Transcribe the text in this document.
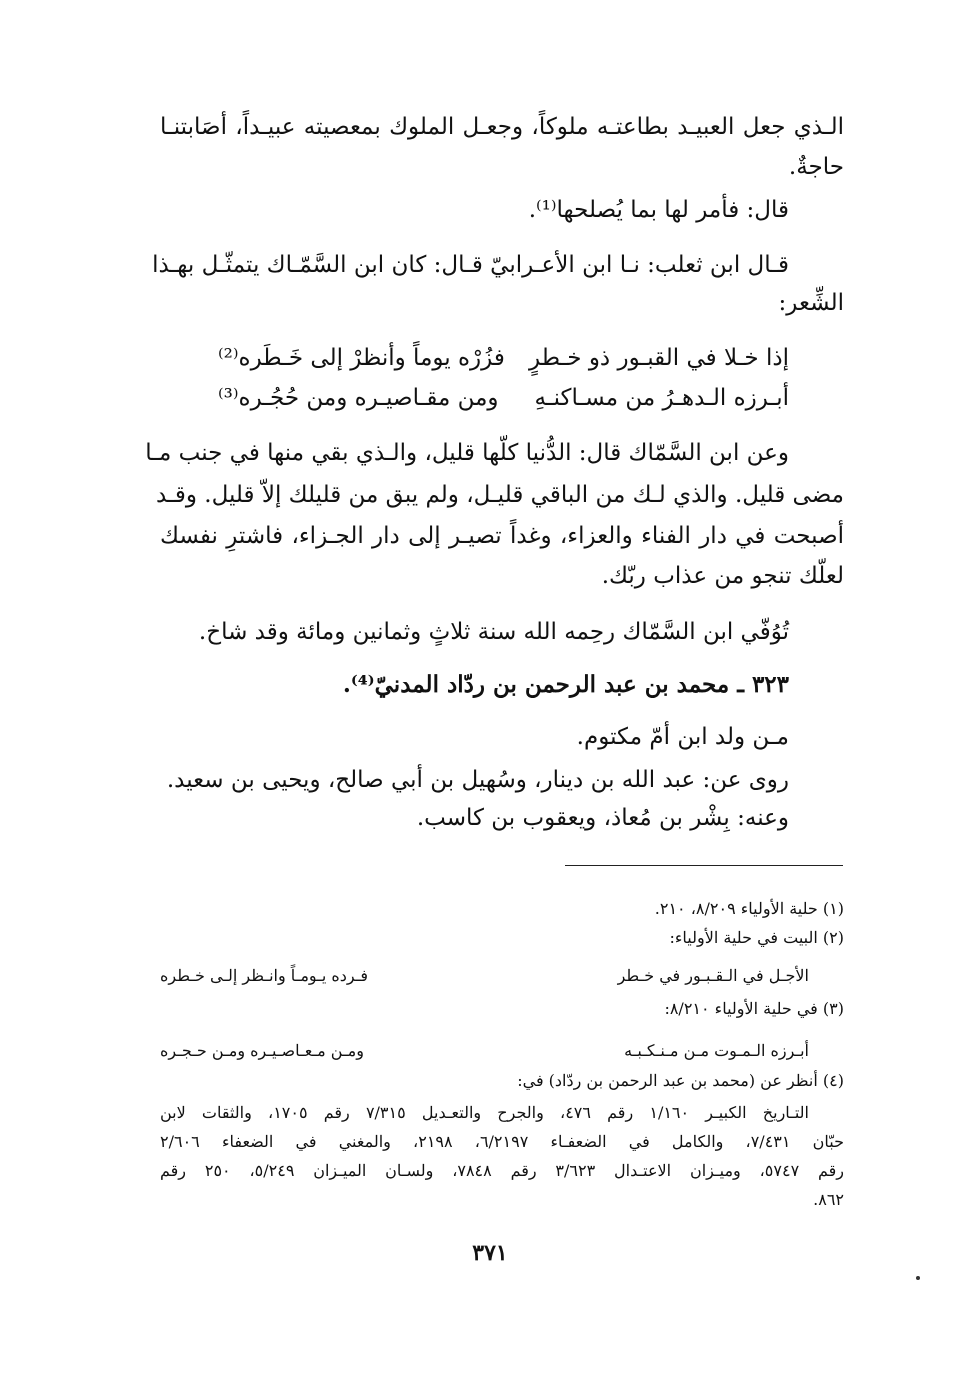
الـذي جعل العبيـد بطاعتـه ملوكاً، وجعـل الملوك بمعصيته عبيـداً، أصَابتنـا
حاجةٌ.
قال: فأمر لها بما يُصلحها⁽¹⁾.
قـال ابن ثعلب: نـا ابن الأعـرابيّ قـال: كان ابن السَّمّـاك يتمثّـل بهـذا
الشِّعر:
إذا خـلا في القبـور ذو خـطرٍ
فزُرْه يوماً وأنظرْ إلى خَـطَره⁽²⁾
أبـرزه الـدهـرُ من مسـاكنـهِ
ومن مقـاصيـره ومن حُجُـره⁽³⁾
وعن ابن السَّمّاك قال: الدُّنيا كلّها قليل، والـذي بقي منها في جنب مـا
مضى قليل. والذي لـك من الباقي قليـل، ولم يبق من قليلك إلاّ قليل. وقـد
أصبحت في دار الفناء والعزاء، وغداً تصيـر إلى دار الجـزاء، فاشترِ نفسك
لعلّك تنجو من عذاب ربّك.
تُوُفّي ابن السَّمّاك رحِمه الله سنة ثلاثٍ وثمانين ومائة وقد شاخ.
٣٢٣ ـ محمد بن عبد الرحمن بن ردّاد المدنيّ⁽⁴⁾.
مـن ولد ابن أمّ مكتوم.
روى عن: عبد الله بن دينار، وسُهيل بن أبي صالح، ويحيى بن سعيد.
وعنه: بِشْر بن مُعاذ، ويعقوب بن كاسب.
(١) حلية الأولياء ٨/٢٠٩، ٢١٠.
(٢) البيت في حلية الأولياء:
الأجـل في الـقـبـور في خـطر
فـرده يـومـاً وانـظر إلـى خـطره
(٣) في حلية الأولياء ٨/٢١٠:
أبـرزه الـمـوت مـن مـنـكـبـه
ومـن مـعـاصـيـره ومـن حـجـره
(٤) أنظر عن (محمد بن عبد الرحمن بن ردّاد) في:
التـاريخ الكبيـر ١/١٦٠ رقم ٤٧٦، والجرح والتعـديل ٧/٣١٥ رقم ١٧٠٥، والثقات لابن
حبّان ٧/٤٣١، والكامل في الضعفـاء ٦/٢١٩٧، ٢١٩٨، والمغني في الضعفاء ٢/٦٠٦
رقم ٥٧٤٧، وميـزان الاعتـدال ٣/٦٢٣ رقم ٧٨٤٨، ولسـان الميـزان ٥/٢٤٩، ٢٥٠ رقم
٨٦٢.
٣٧١
